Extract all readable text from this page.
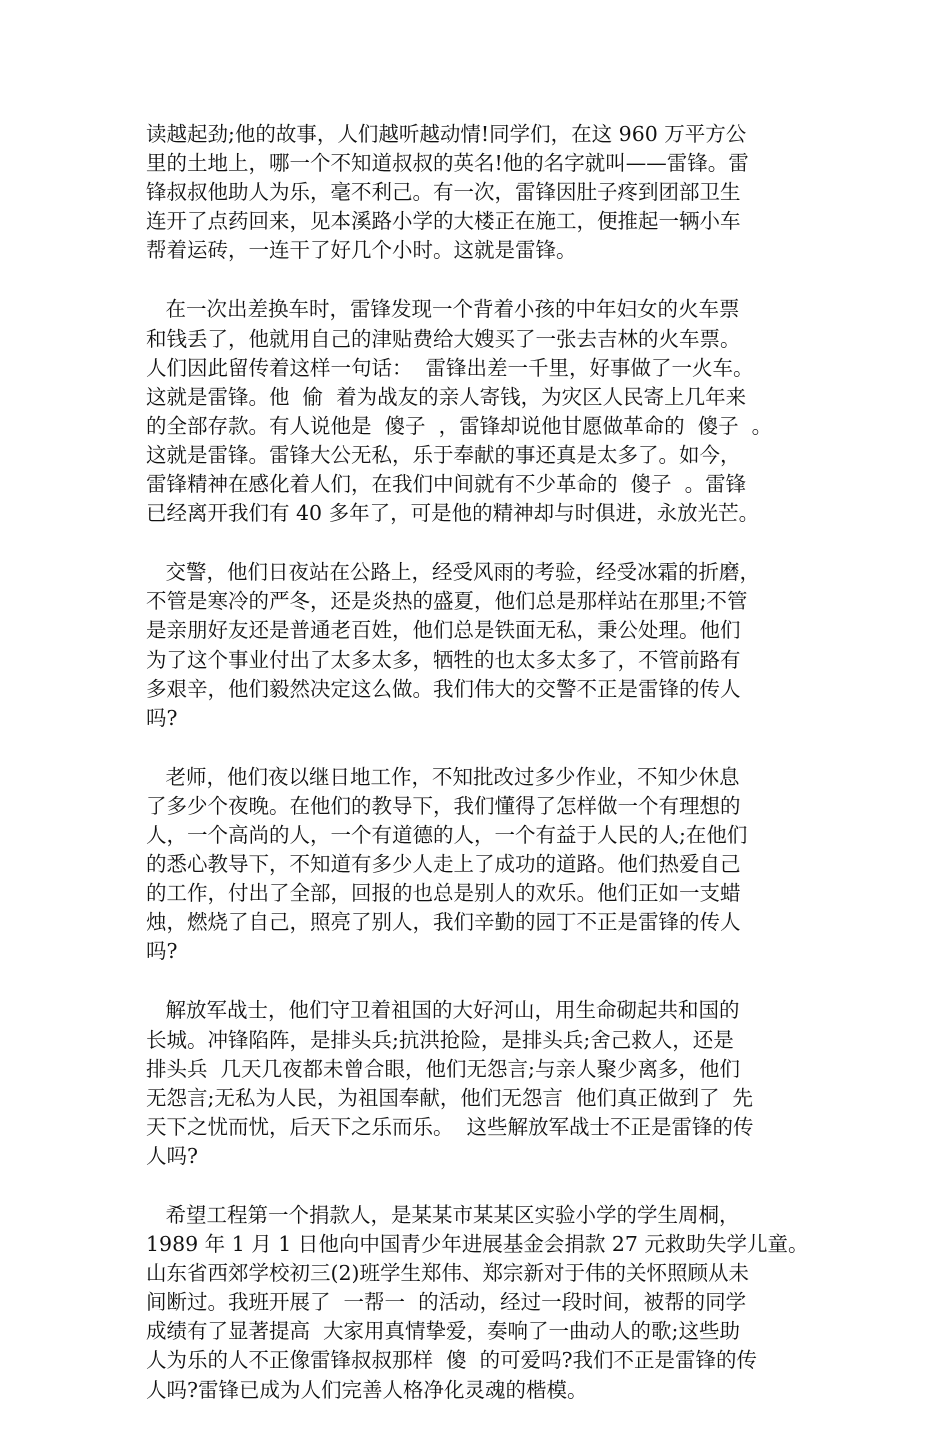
读越起劲;他的故事，人们越听越动情!同学们，在这 960 万平方公
里的土地上，哪一个不知道叔叔的英名!他的名字就叫——雷锋。雷
锋叔叔他助人为乐，毫不利己。有一次，雷锋因肚子疼到团部卫生
连开了点药回来，见本溪路小学的大楼正在施工，便推起一辆小车
帮着运砖，一连干了好几个小时。这就是雷锋。
在一次出差换车时，雷锋发现一个背着小孩的中年妇女的火车票
和钱丢了，他就用自己的津贴费给大嫂买了一张去吉林的火车票。
人们因此留传着这样一句话：  雷锋出差一千里，好事做了一火车。
这就是雷锋。他  偷  着为战友的亲人寄钱，为灾区人民寄上几年来
的全部存款。有人说他是  傻子  ，雷锋却说他甘愿做革命的  傻子  。
这就是雷锋。雷锋大公无私，乐于奉献的事还真是太多了。如今，
雷锋精神在感化着人们，在我们中间就有不少革命的  傻子  。雷锋
已经离开我们有 40 多年了，可是他的精神却与时俱进，永放光芒。
交警，他们日夜站在公路上，经受风雨的考验，经受冰霜的折磨，
不管是寒冷的严冬，还是炎热的盛夏，他们总是那样站在那里;不管
是亲朋好友还是普通老百姓，他们总是铁面无私，秉公处理。他们
为了这个事业付出了太多太多，牺牲的也太多太多了，不管前路有
多艰辛，他们毅然决定这么做。我们伟大的交警不正是雷锋的传人
吗?
老师，他们夜以继日地工作，不知批改过多少作业，不知少休息
了多少个夜晚。在他们的教导下，我们懂得了怎样做一个有理想的
人，一个高尚的人，一个有道德的人，一个有益于人民的人;在他们
的悉心教导下，不知道有多少人走上了成功的道路。他们热爱自己
的工作，付出了全部，回报的也总是别人的欢乐。他们正如一支蜡
烛，燃烧了自己，照亮了别人，我们辛勤的园丁不正是雷锋的传人
吗?
解放军战士，他们守卫着祖国的大好河山，用生命砌起共和国的
长城。冲锋陷阵，是排头兵;抗洪抢险，是排头兵;舍己救人，还是
排头兵  几天几夜都未曾合眼，他们无怨言;与亲人聚少离多，他们
无怨言;无私为人民，为祖国奉献，他们无怨言  他们真正做到了  先
天下之忧而忧，后天下之乐而乐。  这些解放军战士不正是雷锋的传
人吗?
希望工程第一个捐款人，是某某市某某区实验小学的学生周桐，
1989 年 1 月 1 日他向中国青少年进展基金会捐款 27 元救助失学儿童。
山东省西郊学校初三(2)班学生郑伟、郑宗新对于伟的关怀照顾从未
间断过。我班开展了  一帮一  的活动，经过一段时间，被帮的同学
成绩有了显著提高  大家用真情挚爱，奏响了一曲动人的歌;这些助
人为乐的人不正像雷锋叔叔那样  傻  的可爱吗?我们不正是雷锋的传
人吗?雷锋已成为人们完善人格净化灵魂的楷模。
